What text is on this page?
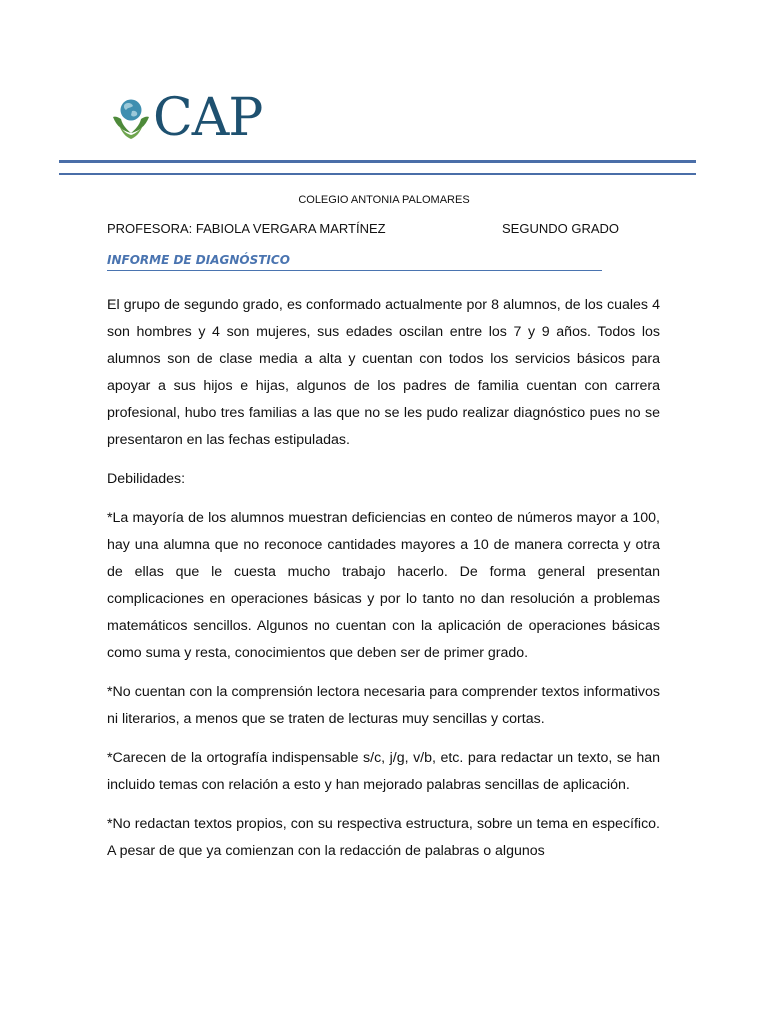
CAP
COLEGIO ANTONIA PALOMARES
PROFESORA: FABIOLA VERGARA MARTÍNEZ	SEGUNDO GRADO
INFORME DE DIAGNÓSTICO

El grupo de segundo grado, es conformado actualmente por 8 alumnos, de los cuales 4 son hombres y 4 son mujeres, sus edades oscilan entre los 7 y 9 años. Todos los alumnos son de clase media a alta y cuentan con todos los servicios básicos para apoyar a sus hijos e hijas, algunos de los padres de familia cuentan con carrera profesional, hubo tres familias a las que no se les pudo realizar diagnóstico pues no se presentaron en las fechas estipuladas.

Debilidades:

*La mayoría de los alumnos muestran deficiencias en conteo de números mayor a 100, hay una alumna que no reconoce cantidades mayores a 10 de manera correcta y otra de ellas que le cuesta mucho trabajo hacerlo. De forma general presentan complicaciones en operaciones básicas y por lo tanto no dan resolución a problemas matemáticos sencillos. Algunos no cuentan con la aplicación de operaciones básicas como suma y resta, conocimientos que deben ser de primer grado.

*No cuentan con la comprensión lectora necesaria para comprender textos informativos ni literarios, a menos que se traten de lecturas muy sencillas y cortas.

*Carecen de la ortografía indispensable s/c, j/g, v/b, etc. para redactar un texto, se han incluido temas con relación a esto y han mejorado palabras sencillas de aplicación.

*No redactan textos propios, con su respectiva estructura, sobre un tema en específico. A pesar de que ya comienzan con la redacción de palabras o algunos
